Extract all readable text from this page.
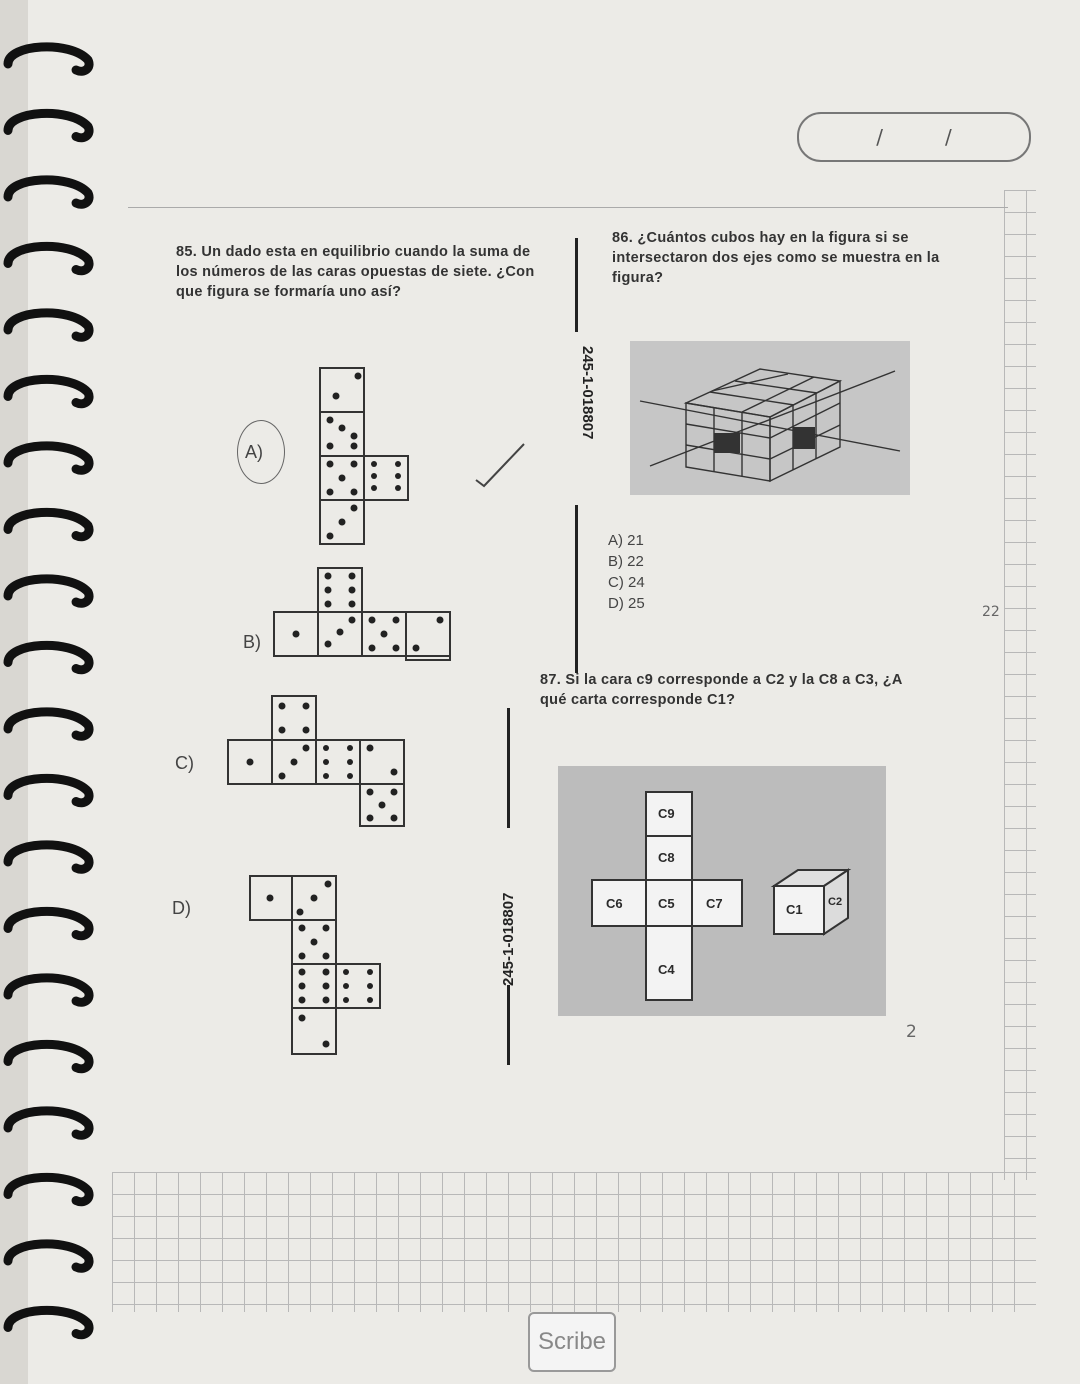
/	/
85. Un dado esta en equilibrio cuando la suma de los números de las caras opuestas de siete. ¿Con que figura se formaría uno así?
A)
B)
C)
D)
245-1-018807
245-1-018807
86. ¿Cuántos cubos hay en la figura si se intersectaron dos ejes como se muestra en la figura?
A) 21
B) 22
C) 24
D) 25
87. Si la cara c9 corresponde a C2 y la C8 a C3, ¿A qué carta corresponde C1?
C9
C8
C6	C5 C7
C4
C1 C2
2
22
Scribe
